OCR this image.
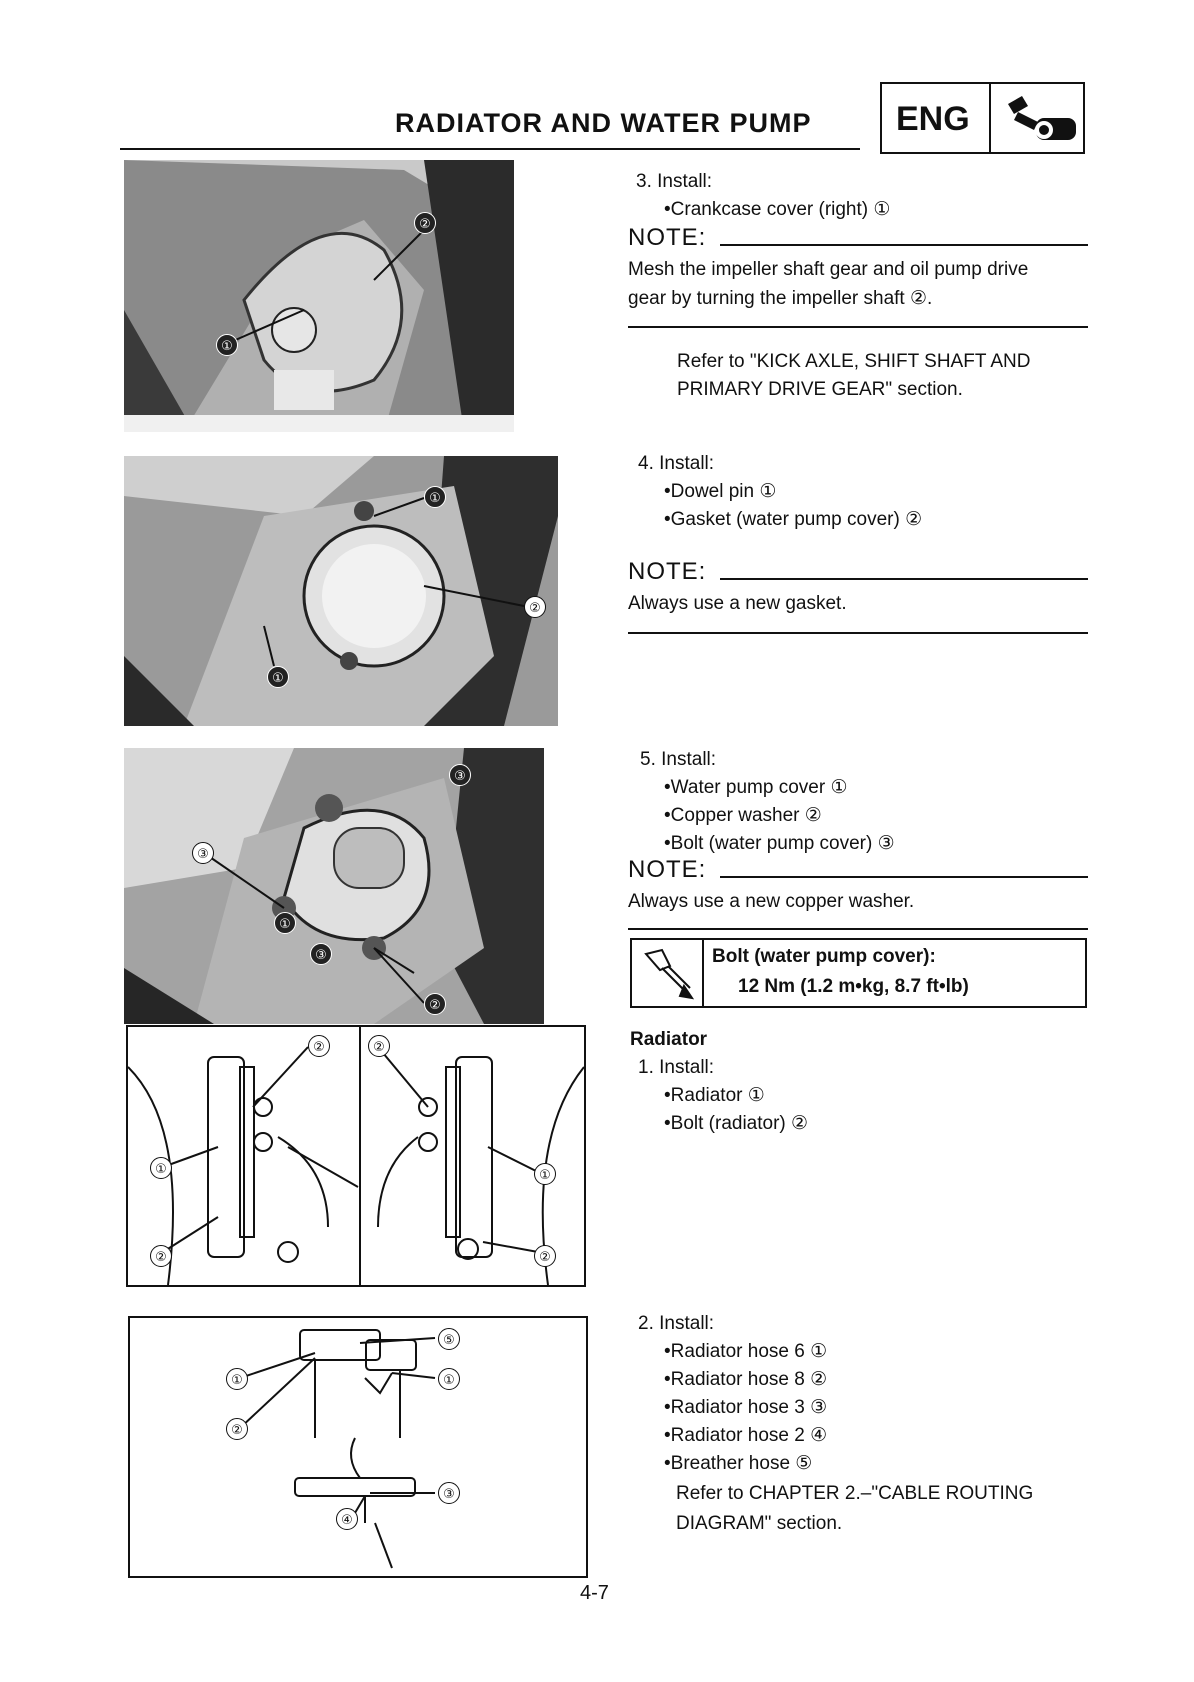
RADIATOR AND WATER PUMP ENG
①
②
①
①
②
③
③
①
③
②
②
①
②
②
①
②
①
②
⑤
①
③
④
3. Install:
•Crankcase cover (right) ①
NOTE:
Mesh the impeller shaft gear and oil pump drive
gear by turning the impeller shaft ②.
Refer to "KICK AXLE, SHIFT SHAFT AND
PRIMARY DRIVE GEAR" section.
4. Install:
•Dowel pin ①
•Gasket (water pump cover) ②
NOTE:
Always use a new gasket.
5. Install:
•Water pump cover ①
•Copper washer ②
•Bolt (water pump cover) ③
NOTE:
Always use a new copper washer.
Bolt (water pump cover):
12 Nm (1.2 m•kg, 8.7 ft•lb)
Radiator
1. Install:
•Radiator ①
•Bolt (radiator) ②
2. Install:
•Radiator hose 6 ①
•Radiator hose 8 ②
•Radiator hose 3 ③
•Radiator hose 2 ④
•Breather hose ⑤
Refer to CHAPTER 2.–"CABLE ROUTING
DIAGRAM" section.
4-7
